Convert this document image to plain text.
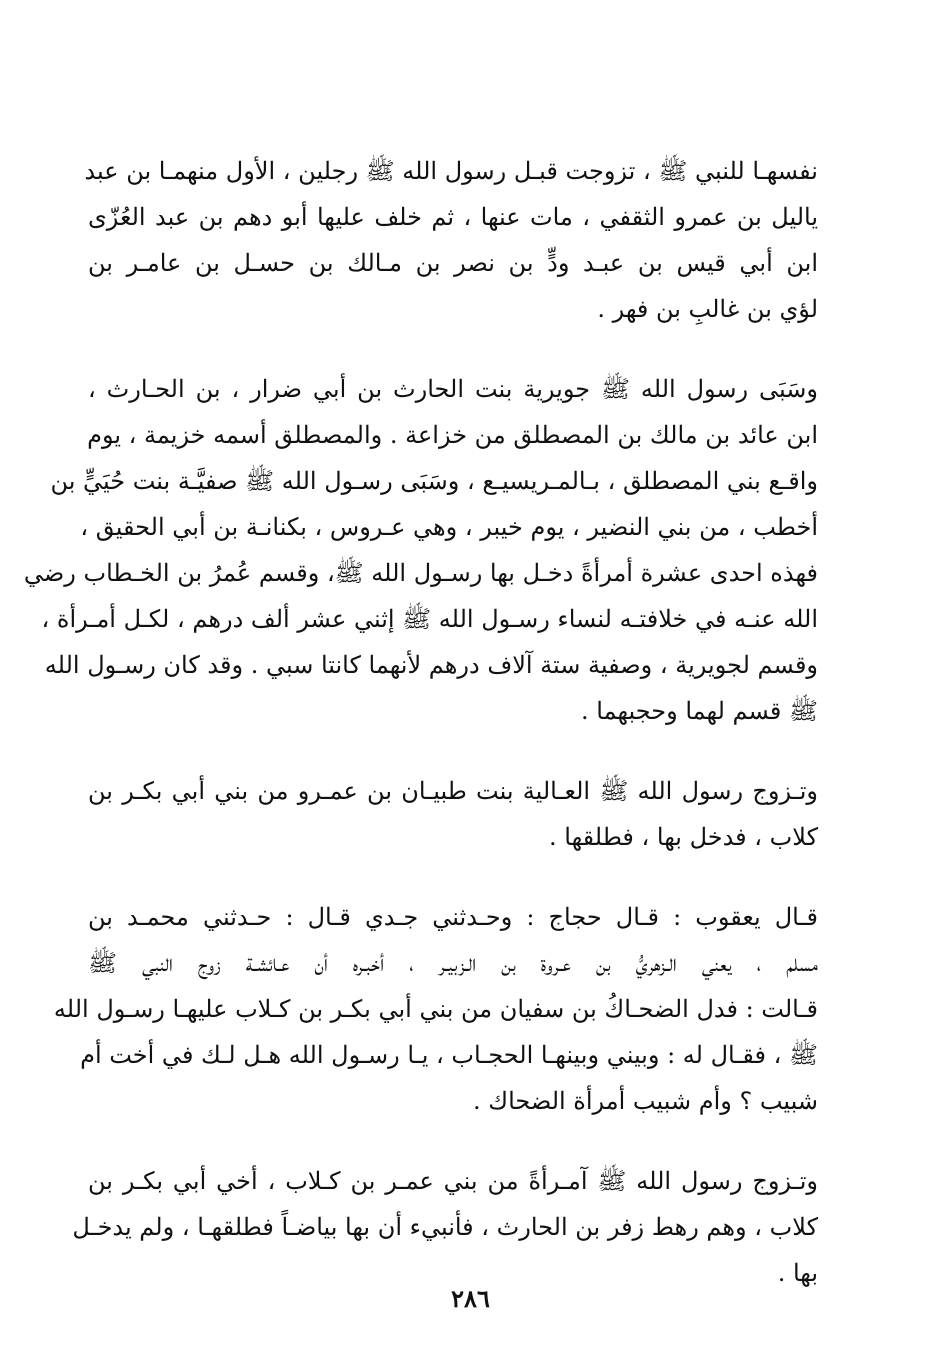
نفسهـا للنبي ﷺ ، تزوجت قبـل رسول الله ﷺ رجلين ، الأول منهمـا بن عبد
ياليل بن عمرو الثقفي ، مات عنها ، ثم خلف عليها أبو دهم بن عبد العُزّى
ابن أبي قيس بن عبـد ودٍّ بن نصر بن مـالك بن حسـل بن عامـر بن
لؤي بن غالبِ بن فهر .
وسَبَى رسول الله ﷺ جويرية بنت الحارث بن أبي ضرار ، بن الحـارث ،
ابن عائد بن مالك بن المصطلق من خزاعة . والمصطلق أسمه خزيمة ، يوم
واقـع بني المصطلق ، بـالمـريسيـع ، وسَبَى رسـول الله ﷺ صفيَّـة بنت حُيَيٍّ بن
أخطب ، من بني النضير ، يوم خيبر ، وهي عـروس ، بكنانـة بن أبي الحقيق ،
فهذه احدى عشرة أمرأةً دخـل بها رسـول الله ﷺ، وقسم عُمرُ بن الخـطاب رضي
الله عنـه في خلافتـه لنساء رسـول الله ﷺ إثني عشر ألف درهم ، لكـل أمـرأة ،
وقسم لجويرية ، وصفية ستة آلاف درهم لأنهما كانتا سبي . وقد كان رسـول الله
ﷺ قسم لهما وحجبهما .
وتـزوج رسول الله ﷺ العـالية بنت طبيـان بن عمـرو من بني أبي بكـر بن
كلاب ، فدخل بها ، فطلقها .
قـال يعقوب : قـال حجاج : وحـدثني جـدي قـال : حـدثني محمـد بن
مسلم ، يعني الـزهريُّ بن عـروة بن الـزبيـر ، أخبـره أن عـائشـة زوج النبي ﷺ
قـالت : فدل الضحـاكُ بن سفيان من بني أبي بكـر بن كـلاب عليهـا رسـول الله
ﷺ ، فقـال له : وبيني وبينهـا الحجـاب ، يـا رسـول الله هـل لـك في أخت أم
شبيب ؟ وأم شبيب أمرأة الضحاك .
وتـزوج رسول الله ﷺ آمـرأةً من بني عمـر بن كـلاب ، أخي أبي بكـر بن
كلاب ، وهم رهط زفر بن الحارث ، فأنبيء أن بها بياضـاً فطلقهـا ، ولم يدخـل
بها .
٢٨٦
